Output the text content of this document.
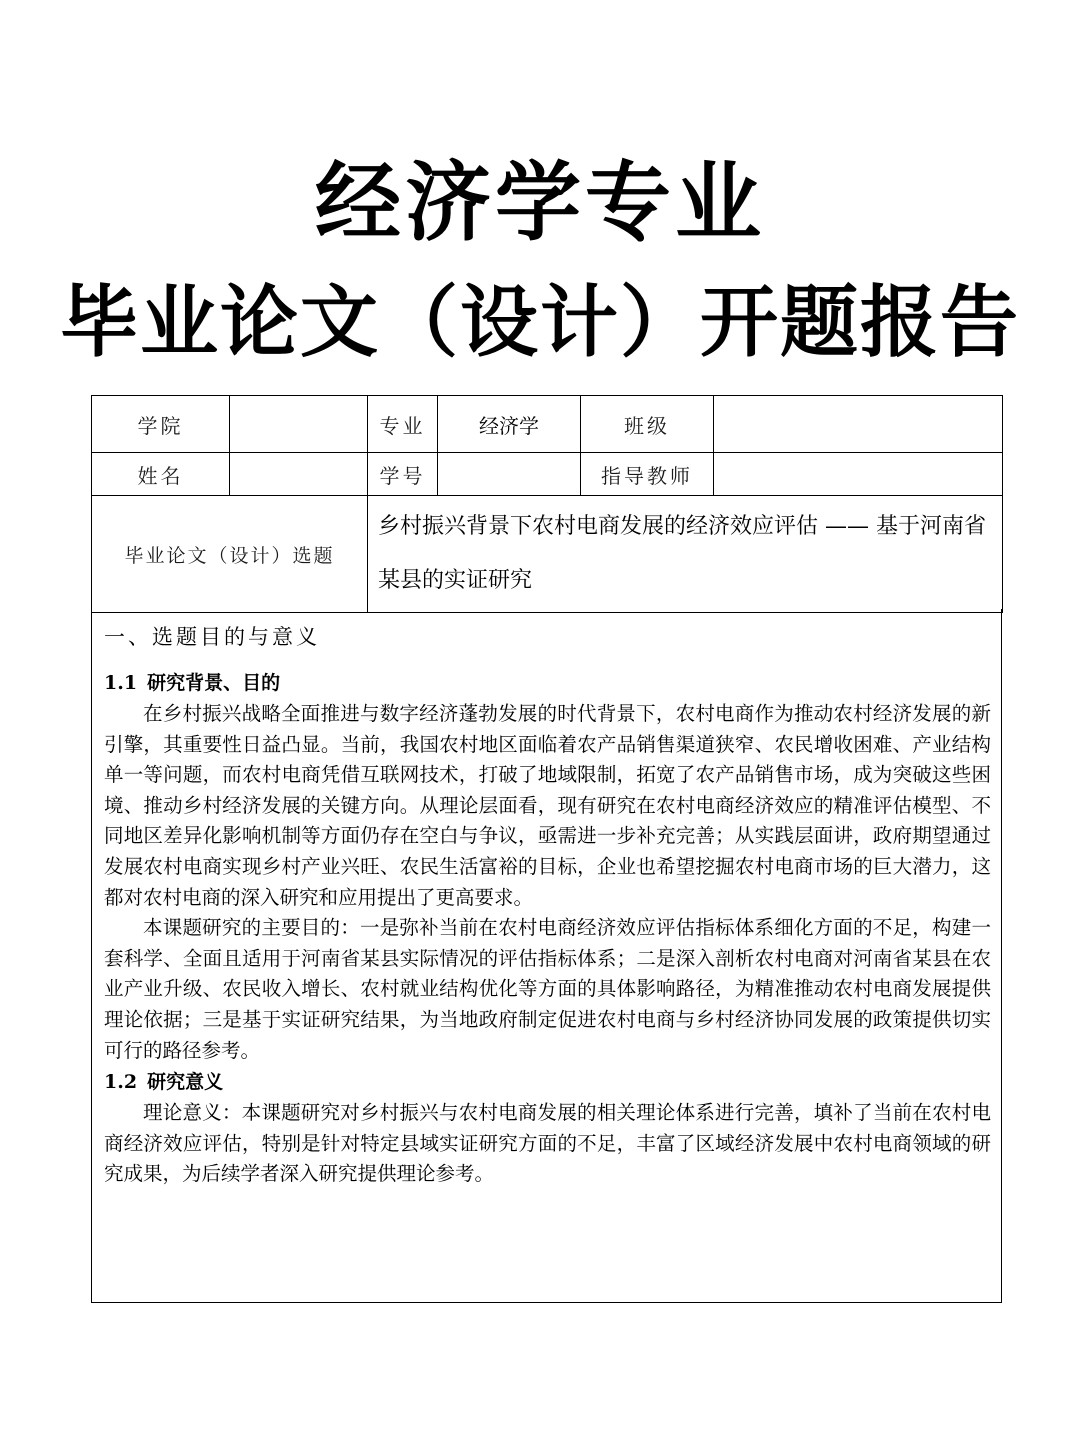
经济学专业
毕业论文（设计）开题报告
学院		专业	经济学	班级	
姓名		学号		指导教师	
毕业论文（设计）选题		乡村振兴背景下农村电商发展的经济效应评估 —— 基于河南省某县的实证研究			
一、选题目的与意义
1.1 研究背景、目的

在乡村振兴战略全面推进与数字经济蓬勃发展的时代背景下，农村电商作为推动农村经济发展的新引擎，其重要性日益凸显。当前，我国农村地区面临着农产品销售渠道狭窄、农民增收困难、产业结构单一等问题，而农村电商凭借互联网技术，打破了地域限制，拓宽了农产品销售市场，成为突破这些困境、推动乡村经济发展的关键方向。从理论层面看，现有研究在农村电商经济效应的精准评估模型、不同地区差异化影响机制等方面仍存在空白与争议，亟需进一步补充完善；从实践层面讲，政府期望通过发展农村电商实现乡村产业兴旺、农民生活富裕的目标，企业也希望挖掘农村电商市场的巨大潜力，这都对农村电商的深入研究和应用提出了更高要求。

本课题研究的主要目的：一是弥补当前在农村电商经济效应评估指标体系细化方面的不足，构建一套科学、全面且适用于河南省某县实际情况的评估指标体系；二是深入剖析农村电商对河南省某县在农业产业升级、农民收入增长、农村就业结构优化等方面的具体影响路径，为精准推动农村电商发展提供理论依据；三是基于实证研究结果，为当地政府制定促进农村电商与乡村经济协同发展的政策提供切实可行的路径参考。

1.2 研究意义

理论意义：本课题研究对乡村振兴与农村电商发展的相关理论体系进行完善，填补了当前在农村电商经济效应评估，特别是针对特定县域实证研究方面的不足，丰富了区域经济发展中农村电商领域的研究成果，为后续学者深入研究提供理论参考。
